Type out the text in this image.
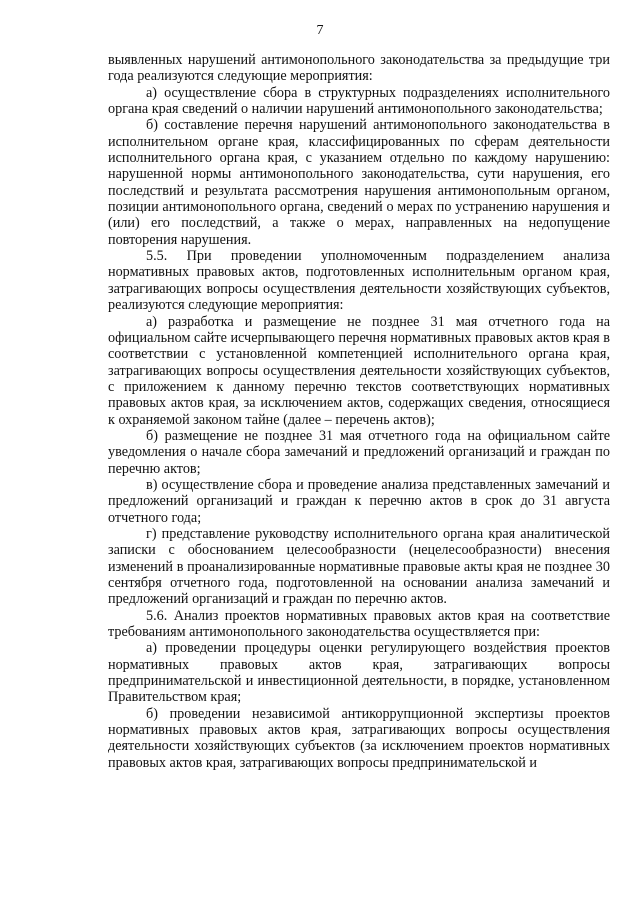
7

выявленных нарушений антимонопольного законодательства за предыдущие три года реализуются следующие мероприятия:

а) осуществление сбора в структурных подразделениях исполнительного органа края сведений о наличии нарушений антимонопольного законодательства;

б) составление перечня нарушений антимонопольного законодательства в исполнительном органе края, классифицированных по сферам деятельности исполнительного органа края, с указанием отдельно по каждому нарушению: нарушенной нормы антимонопольного законодательства, сути нарушения, его последствий и результата рассмотрения нарушения антимонопольным органом, позиции антимонопольного органа, сведений о мерах по устранению нарушения и (или) его последствий, а также о мерах, направленных на недопущение повторения нарушения.

5.5. При проведении уполномоченным подразделением анализа нормативных правовых актов, подготовленных исполнительным органом края, затрагивающих вопросы осуществления деятельности хозяйствующих субъектов, реализуются следующие мероприятия:

а) разработка и размещение не позднее 31 мая отчетного года на официальном сайте исчерпывающего перечня нормативных правовых актов края в соответствии с установленной компетенцией исполнительного органа края, затрагивающих вопросы осуществления деятельности хозяйствующих субъектов, с приложением к данному перечню текстов соответствующих нормативных правовых актов края, за исключением актов, содержащих сведения, относящиеся к охраняемой законом тайне (далее – перечень актов);

б) размещение не позднее 31 мая отчетного года на официальном сайте уведомления о начале сбора замечаний и предложений организаций и граждан по перечню актов;

в) осуществление сбора и проведение анализа представленных замечаний и предложений организаций и граждан к перечню актов в срок до 31 августа отчетного года;

г) представление руководству исполнительного органа края аналитической записки с обоснованием целесообразности (нецелесообразности) внесения изменений в проанализированные нормативные правовые акты края не позднее 30 сентября отчетного года, подготовленной на основании анализа замечаний и предложений организаций и граждан по перечню актов.

5.6. Анализ проектов нормативных правовых актов края на соответствие требованиям антимонопольного законодательства осуществляется при:

а) проведении процедуры оценки регулирующего воздействия проектов нормативных правовых актов края, затрагивающих вопросы предпринимательской и инвестиционной деятельности, в порядке, установленном Правительством края;

б) проведении независимой антикоррупционной экспертизы проектов нормативных правовых актов края, затрагивающих вопросы осуществления деятельности хозяйствующих субъектов (за исключением проектов нормативных правовых актов края, затрагивающих вопросы предпринимательской и
